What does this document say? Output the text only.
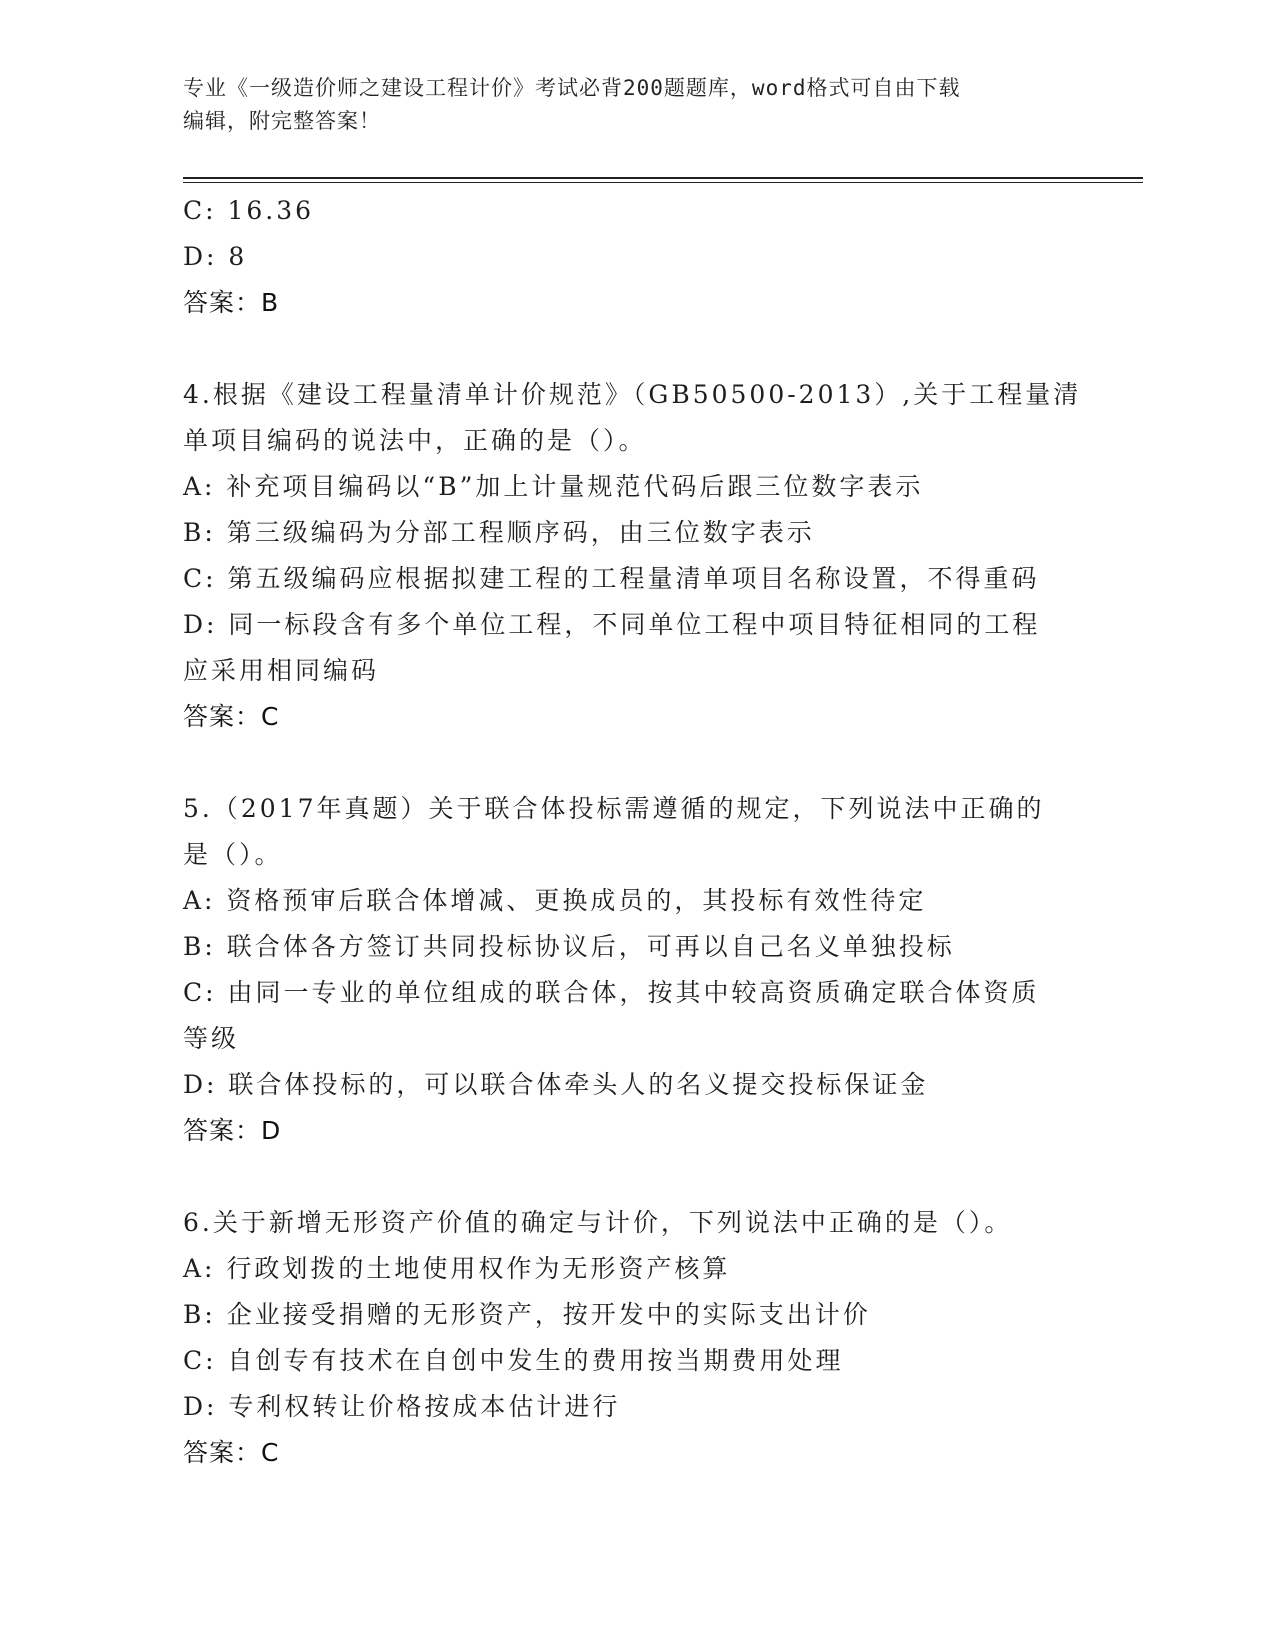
专业《一级造价师之建设工程计价》考试必背200题题库，word格式可自由下载
编辑，附完整答案！
C: 16.36
D: 8
答案：B
4.根据《建设工程量清单计价规范》（GB50500-2013）,关于工程量清
单项目编码的说法中，正确的是（）。
A: 补充项目编码以“B”加上计量规范代码后跟三位数字表示
B: 第三级编码为分部工程顺序码，由三位数字表示
C: 第五级编码应根据拟建工程的工程量清单项目名称设置，不得重码
D: 同一标段含有多个单位工程，不同单位工程中项目特征相同的工程
应采用相同编码
答案：C
5.（2017年真题）关于联合体投标需遵循的规定，下列说法中正确的
是（）。
A: 资格预审后联合体增减、更换成员的，其投标有效性待定
B: 联合体各方签订共同投标协议后，可再以自己名义单独投标
C: 由同一专业的单位组成的联合体，按其中较高资质确定联合体资质
等级
D: 联合体投标的，可以联合体牵头人的名义提交投标保证金
答案：D
6.关于新增无形资产价值的确定与计价，下列说法中正确的是（）。
A: 行政划拨的土地使用权作为无形资产核算
B: 企业接受捐赠的无形资产，按开发中的实际支出计价
C: 自创专有技术在自创中发生的费用按当期费用处理
D: 专利权转让价格按成本估计进行
答案：C
